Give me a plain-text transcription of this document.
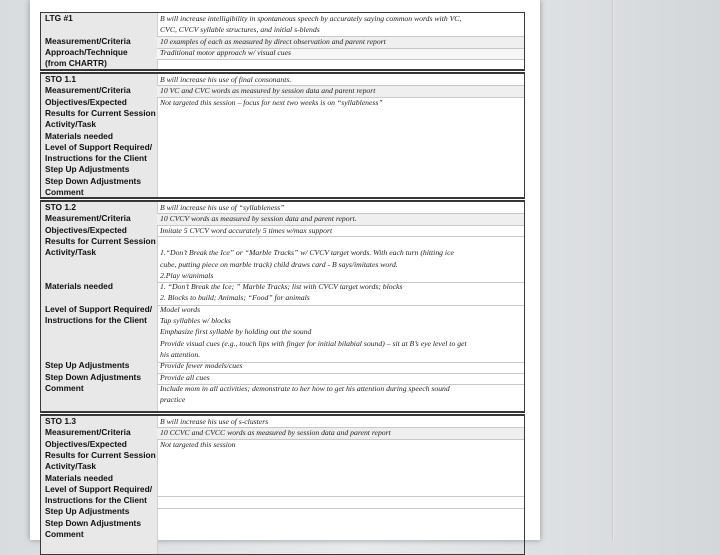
LTG #1
Measurement/Criteria
Approach/Technique
(from CHARTR)
B will increase intelligibility in spontaneous speech by accurately saying common words with VC,
CVC, CVCV syllable structures, and initial s-blends
10 examples of each as measured by direct observation and parent report
Traditional motor approach w/ visual cues
STO 1.1
Measurement/Criteria
Objectives/Expected
Results for Current Session
Activity/Task
Materials needed
Level of Support Required/
Instructions for the Client
Step Up Adjustments
Step Down Adjustments
Comment
B will increase his use of final consonants.
10 VC and CVC words as measured by session data and parent report
Not targeted this session – focus for next two weeks is on “syllableness”
STO 1.2
Measurement/Criteria
Objectives/Expected
Results for Current Session
Activity/Task
Materials needed
Level of Support Required/
Instructions for the Client
Step Up Adjustments
Step Down Adjustments
Comment
B will increase his use of “syllableness”
10 CVCV words as measured by session data and parent report.
Imitate 5 CVCV word accurately 5 times w/max support
1.“Don’t Break the Ice” or “Marble Tracks” w/ CVCV target words. With each turn (hitting ice
cube, putting piece on marble track) child draws card - B says/imitates word.
2.Play w/animals
1. “Don’t Break the Ice; ” Marble Tracks; list with CVCV target words; blocks
2. Blocks to build; Animals; “Food” for animals
Model words
Tap syllables w/ blocks
Emphasize first syllable by holding out the sound
Provide visual cues (e.g., touch lips with finger for initial bilabial sound) – sit at B’s eye level to get
his attention.
Provide fewer models/cues
Provide all cues
Include mom in all activities; demonstrate to her how to get his attention during speech sound
practice
STO 1.3
Measurement/Criteria
Objectives/Expected
Results for Current Session
Activity/Task
Materials needed
Level of Support Required/
Instructions for the Client
Step Up Adjustments
Step Down Adjustments
Comment
B will increase his use of s-clusters
10 CCVC and CVCC words as measured by session data and parent report
Not targeted this session
